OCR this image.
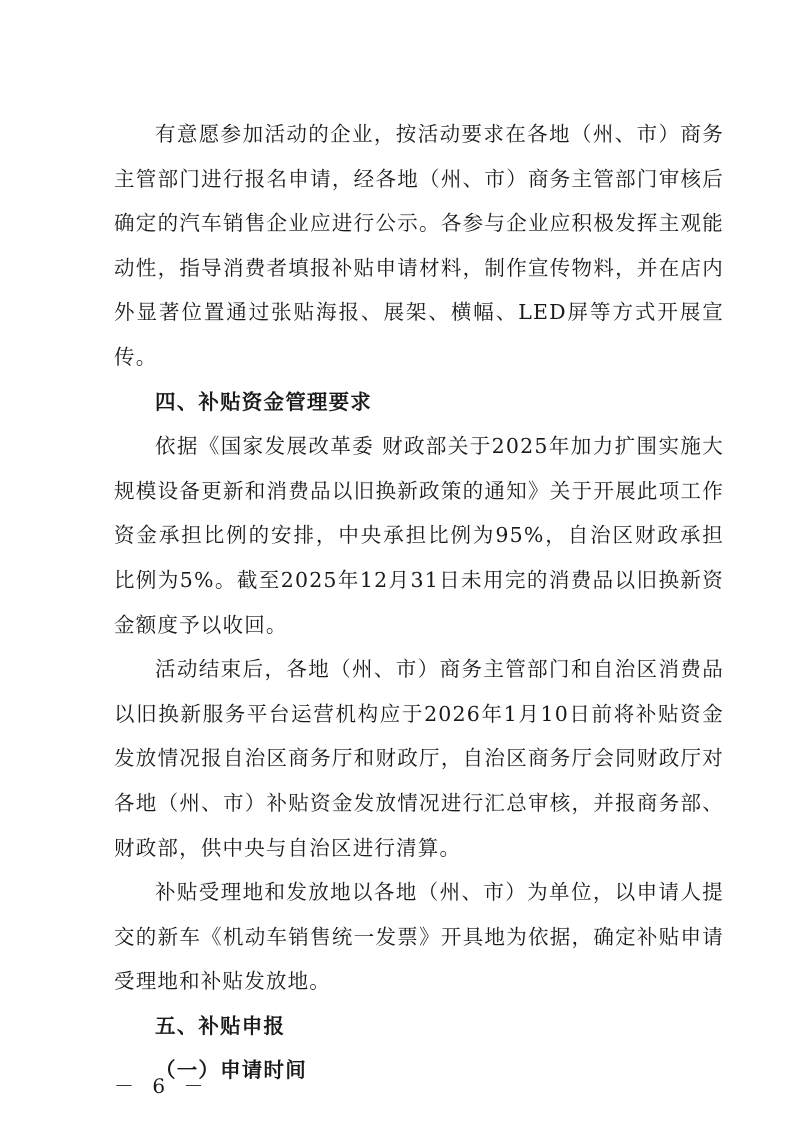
有意愿参加活动的企业，按活动要求在各地（州、市）商务主管部门进行报名申请，经各地（州、市）商务主管部门审核后确定的汽车销售企业应进行公示。各参与企业应积极发挥主观能动性，指导消费者填报补贴申请材料，制作宣传物料，并在店内外显著位置通过张贴海报、展架、横幅、LED屏等方式开展宣传。

四、补贴资金管理要求

依据《国家发展改革委 财政部关于2025年加力扩围实施大规模设备更新和消费品以旧换新政策的通知》关于开展此项工作资金承担比例的安排，中央承担比例为95%，自治区财政承担比例为5%。截至2025年12月31日未用完的消费品以旧换新资金额度予以收回。

活动结束后，各地（州、市）商务主管部门和自治区消费品以旧换新服务平台运营机构应于2026年1月10日前将补贴资金发放情况报自治区商务厅和财政厅，自治区商务厅会同财政厅对各地（州、市）补贴资金发放情况进行汇总审核，并报商务部、财政部，供中央与自治区进行清算。

补贴受理地和发放地以各地（州、市）为单位，以申请人提交的新车《机动车销售统一发票》开具地为依据，确定补贴申请受理地和补贴发放地。

五、补贴申报

（一）申请时间

－ 6 －
